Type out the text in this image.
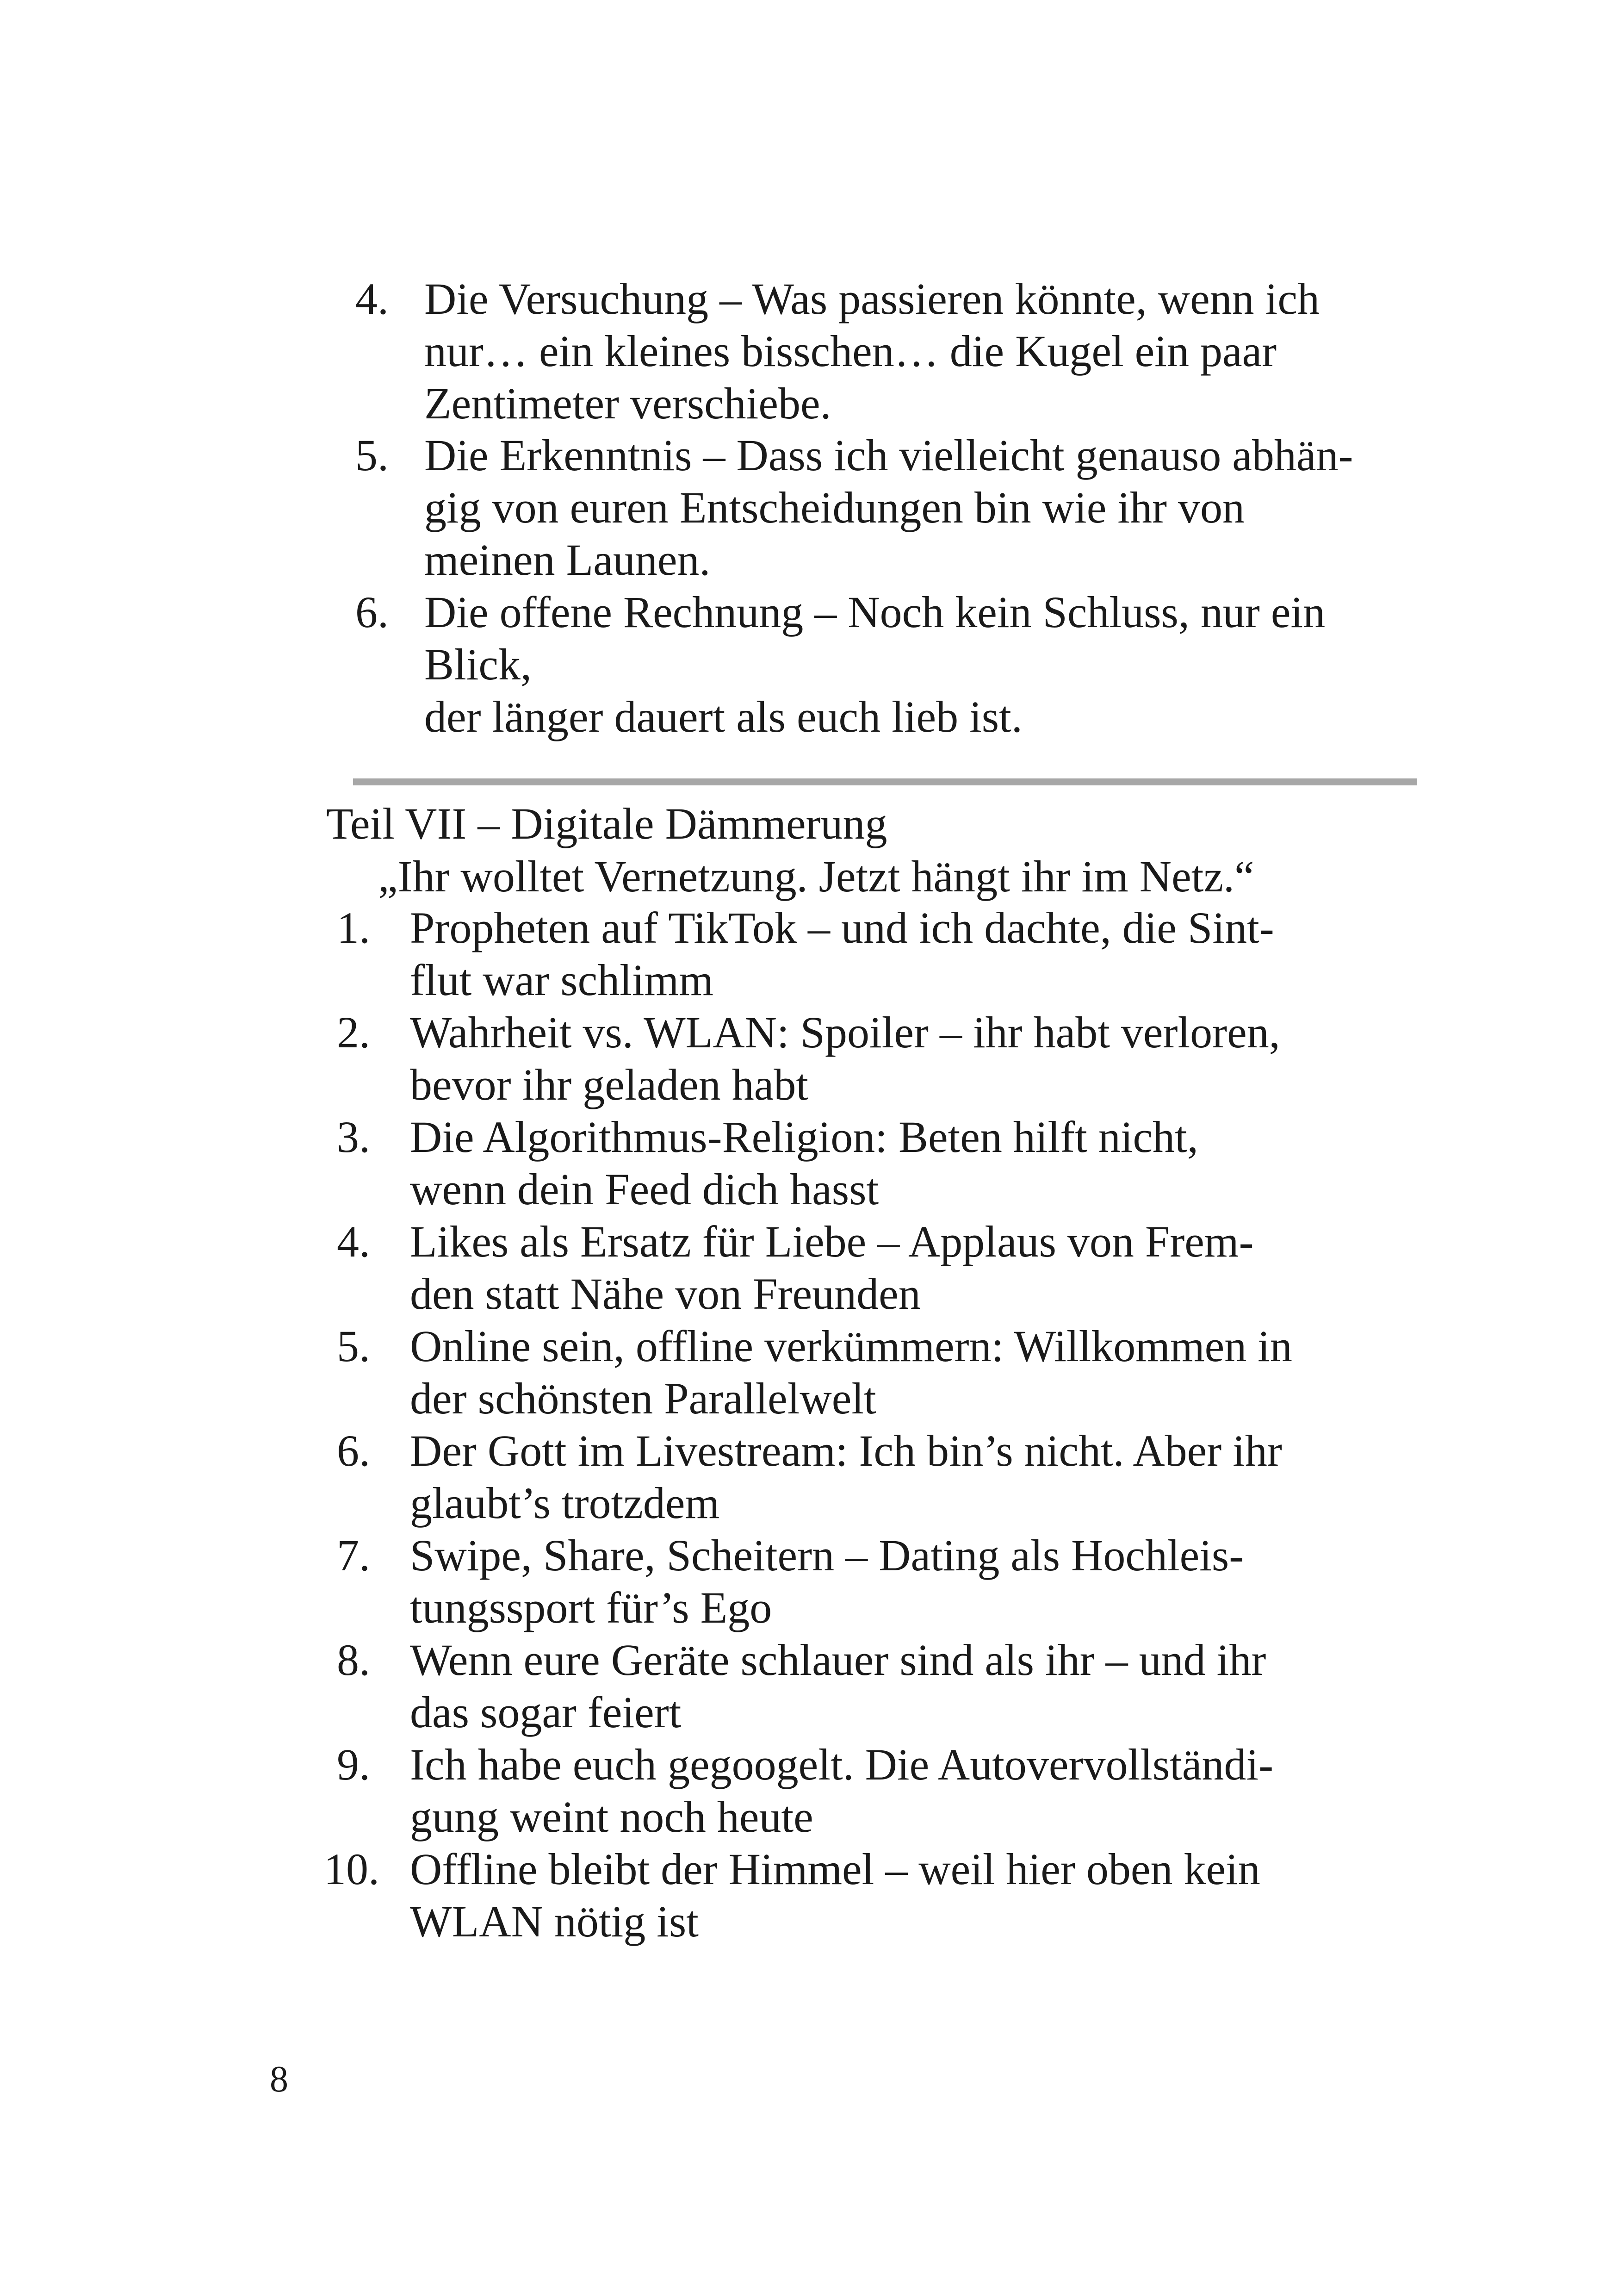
4. Die Versuchung – Was passieren könnte, wenn ich

nur… ein kleines bisschen… die Kugel ein paar

Zentimeter verschiebe.

5. Die Erkenntnis – Dass ich vielleicht genauso abhän-

gig von euren Entscheidungen bin wie ihr von

meinen Launen.

6. Die offene Rechnung – Noch kein Schluss, nur ein

Blick,

der länger dauert als euch lieb ist.

Teil VII – Digitale Dämmerung

„Ihr wolltet Vernetzung. Jetzt hängt ihr im Netz.“

1. Propheten auf TikTok – und ich dachte, die Sint-

flut war schlimm

2. Wahrheit vs. WLAN: Spoiler – ihr habt verloren,

bevor ihr geladen habt

3. Die Algorithmus-Religion: Beten hilft nicht,

wenn dein Feed dich hasst

4. Likes als Ersatz für Liebe – Applaus von Frem-

den statt Nähe von Freunden

5. Online sein, offline verkümmern: Willkommen in

der schönsten Parallelwelt

6. Der Gott im Livestream: Ich bin’s nicht. Aber ihr

glaubt’s trotzdem

7. Swipe, Share, Scheitern – Dating als Hochleis-

tungssport für’s Ego

8. Wenn eure Geräte schlauer sind als ihr – und ihr

das sogar feiert

9. Ich habe euch gegoogelt. Die Autovervollständi-

gung weint noch heute

10. Offline bleibt der Himmel – weil hier oben kein

WLAN nötig ist

8
